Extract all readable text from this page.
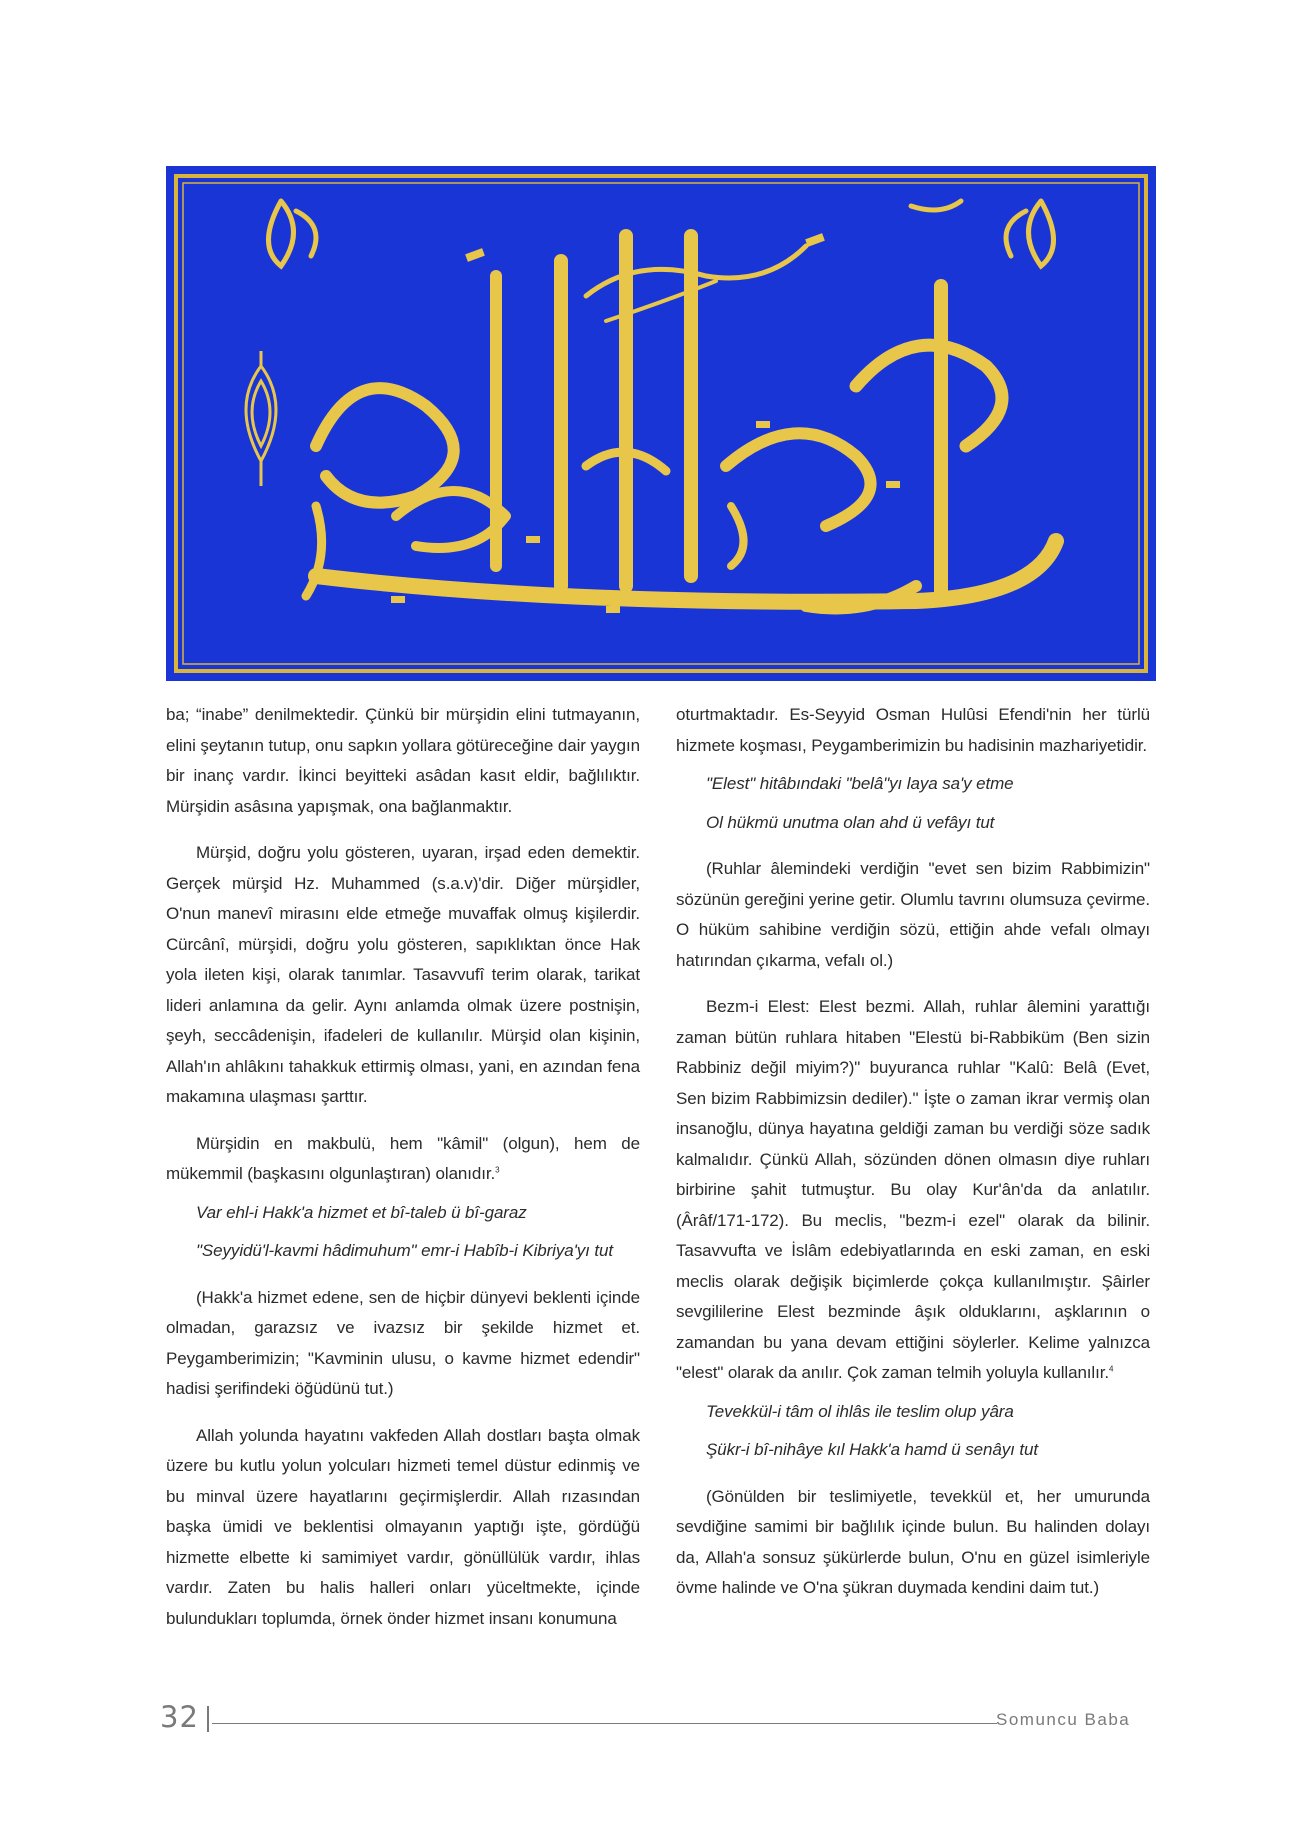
ba; “inabe” denilmektedir. Çünkü bir mürşidin elini tutmayanın, elini şeytanın tutup, onu sapkın yollara götüreceğine dair yaygın bir inanç vardır. İkinci beyitteki asâdan kasıt eldir, bağlılıktır. Mürşidin asâsına yapışmak, ona bağlanmaktır.

Mürşid, doğru yolu gösteren, uyaran, irşad eden demektir. Gerçek mürşid Hz. Muhammed (s.a.v)'dir. Diğer mürşidler, O'nun manevî mirasını elde etmeğe muvaffak olmuş kişilerdir. Cürcânî, mürşidi, doğru yolu gösteren, sapıklıktan önce Hak yola ileten kişi, olarak tanımlar. Tasavvufî terim olarak, tarikat lideri anlamına da gelir. Aynı anlamda olmak üzere postnişin, şeyh, seccâdenişin, ifadeleri de kullanılır. Mürşid olan kişinin, Allah'ın ahlâkını tahakkuk ettirmiş olması, yani, en azından fena makamına ulaşması şarttır.

Mürşidin en makbulü, hem "kâmil" (olgun), hem de mükemmil (başkasını olgunlaştıran) olanıdır.$^3$

Var ehl-i Hakk'a hizmet et bî-taleb ü bî-garaz

"Seyyidü'l-kavmi hâdimuhum" emr-i Habîb-i Kibriya'yı tut

(Hakk'a hizmet edene, sen de hiçbir dünyevi beklenti içinde olmadan, garazsız ve ivazsız bir şekilde hizmet et. Peygamberimizin; "Kavminin ulusu, o kavme hizmet edendir" hadisi şerifindeki öğüdünü tut.)

Allah yolunda hayatını vakfeden Allah dostları başta olmak üzere bu kutlu yolun yolcuları hizmeti temel düstur edinmiş ve bu minval üzere hayatlarını geçirmişlerdir. Allah rızasından başka ümidi ve beklentisi olmayanın yaptığı işte, gördüğü hizmette elbette ki samimiyet vardır, gönüllülük vardır, ihlas vardır. Zaten bu halis halleri onları yüceltmekte, içinde bulundukları toplumda, örnek önder hizmet insanı konumuna

oturtmaktadır. Es-Seyyid Osman Hulûsi Efendi'nin her türlü hizmete koşması, Peygamberimizin bu hadisinin mazhariyetidir.

"Elest" hitâbındaki "belâ"yı laya sa'y etme

Ol hükmü unutma olan ahd ü vefâyı tut

(Ruhlar âlemindeki verdiğin "evet sen bizim Rabbimizin" sözünün gereğini yerine getir. Olumlu tavrını olumsuza çevirme. O hüküm sahibine verdiğin sözü, ettiğin ahde vefalı olmayı hatırından çıkarma, vefalı ol.)

Bezm-i Elest: Elest bezmi. Allah, ruhlar âlemini yarattığı zaman bütün ruhlara hitaben "Elestü bi-Rabbiküm (Ben sizin Rabbiniz değil miyim?)" buyuranca ruhlar "Kalû: Belâ (Evet, Sen bizim Rabbimizsin dediler)." İşte o zaman ikrar vermiş olan insanoğlu, dünya hayatına geldiği zaman bu verdiği söze sadık kalmalıdır. Çünkü Allah, sözünden dönen olmasın diye ruhları birbirine şahit tutmuştur. Bu olay Kur'ân'da da anlatılır. (Ârâf/171-172). Bu meclis, "bezm-i ezel" olarak da bilinir. Tasavvufta ve İslâm edebiyatlarında en eski zaman, en eski meclis olarak değişik biçimlerde çokça kullanılmıştır. Şâirler sevgililerine Elest bezminde âşık olduklarını, aşklarının o zamandan bu yana devam ettiğini söylerler. Kelime yalnızca "elest" olarak da anılır. Çok zaman telmih yoluyla kullanılır.$^4$

Tevekkül-i tâm ol ihlâs ile teslim olup yâra

Şükr-i bî-nihâye kıl Hakk'a hamd ü senâyı tut

(Gönülden bir teslimiyetle, tevekkül et, her umurunda sevdiğine samimi bir bağlılık içinde bulun. Bu halinden dolayı da, Allah'a sonsuz şükürlerde bulun, O'nu en güzel isimleriyle övme halinde ve O'na şükran duymada kendini daim tut.)

32	Somuncu Baba
